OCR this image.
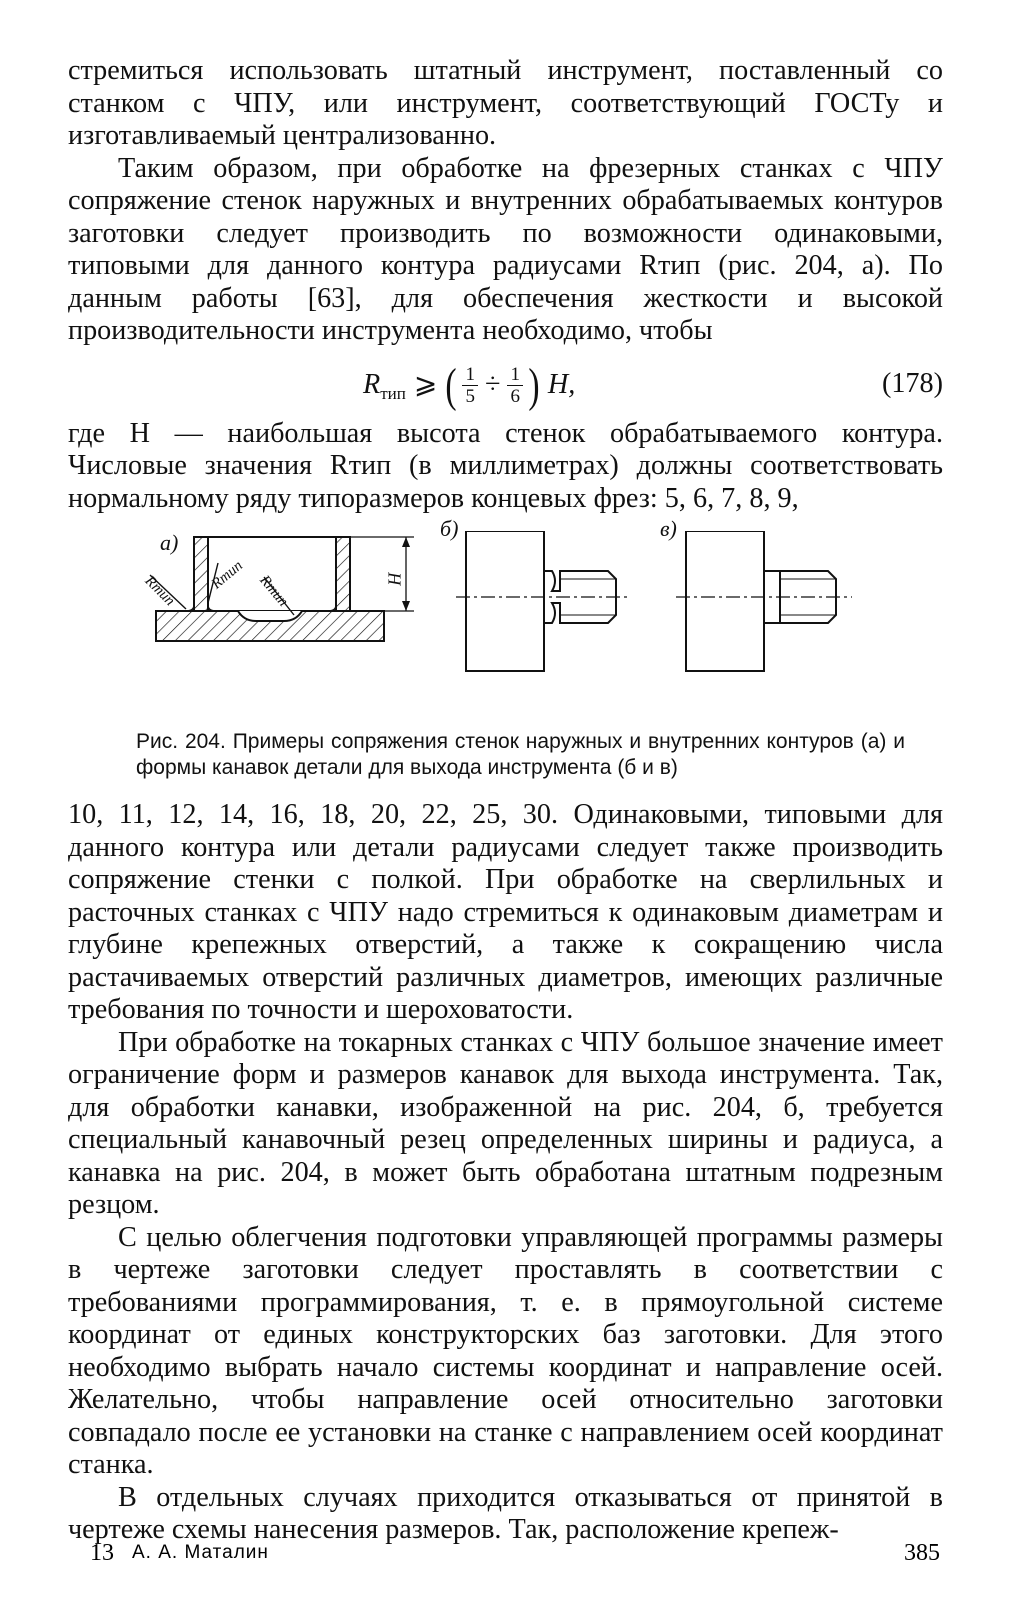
стремиться использовать штатный инструмент, поставленный со станком с ЧПУ, или инструмент, соответствующий ГОСТу и изготавливаемый централизованно.

Таким образом, при обработке на фрезерных станках с ЧПУ сопряжение стенок наружных и внутренних обрабатываемых контуров заготовки следует производить по возможности одинаковыми, типовыми для данного контура радиусами Rтип (рис. 204, а). По данным работы [63], для обеспечения жесткости и высокой производительности инструмента необходимо, чтобы

R тип ⩾ ( $\frac{1}{5} \div \frac{1}{6}$ ) H,	(178)

где H — наибольшая высота стенок обрабатываемого контура. Числовые значения Rтип (в миллиметрах) должны соответствовать нормальному ряду типоразмеров концевых фрез: 5, 6, 7, 8, 9,

а)
б)	в)
Rтип	Rтип Rтип	H

Рис. 204. Примеры сопряжения стенок наружных и внутренних контуров (а) и формы канавок детали для выхода инструмента (б и в)

10, 11, 12, 14, 16, 18, 20, 22, 25, 30. Одинаковыми, типовыми для данного контура или детали радиусами следует также производить сопряжение стенки с полкой. При обработке на сверлильных и расточных станках с ЧПУ надо стремиться к одинаковым диаметрам и глубине крепежных отверстий, а также к сокращению числа растачиваемых отверстий различных диаметров, имеющих различные требования по точности и шероховатости.

При обработке на токарных станках с ЧПУ большое значение имеет ограничение форм и размеров канавок для выхода инструмента. Так, для обработки канавки, изображенной на рис. 204, б, требуется специальный канавочный резец определенных ширины и радиуса, а канавка на рис. 204, в может быть обработана штатным подрезным резцом.

С целью облегчения подготовки управляющей программы размеры в чертеже заготовки следует проставлять в соответствии с требованиями программирования, т. е. в прямоугольной системе координат от единых конструкторских баз заготовки. Для этого необходимо выбрать начало системы координат и направление осей. Желательно, чтобы направление осей относительно заготовки совпадало после ее установки на станке с направлением осей координат станка.

В отдельных случаях приходится отказываться от принятой в чертеже схемы нанесения размеров. Так, расположение крепеж-

13 А. А. Маталин	385
